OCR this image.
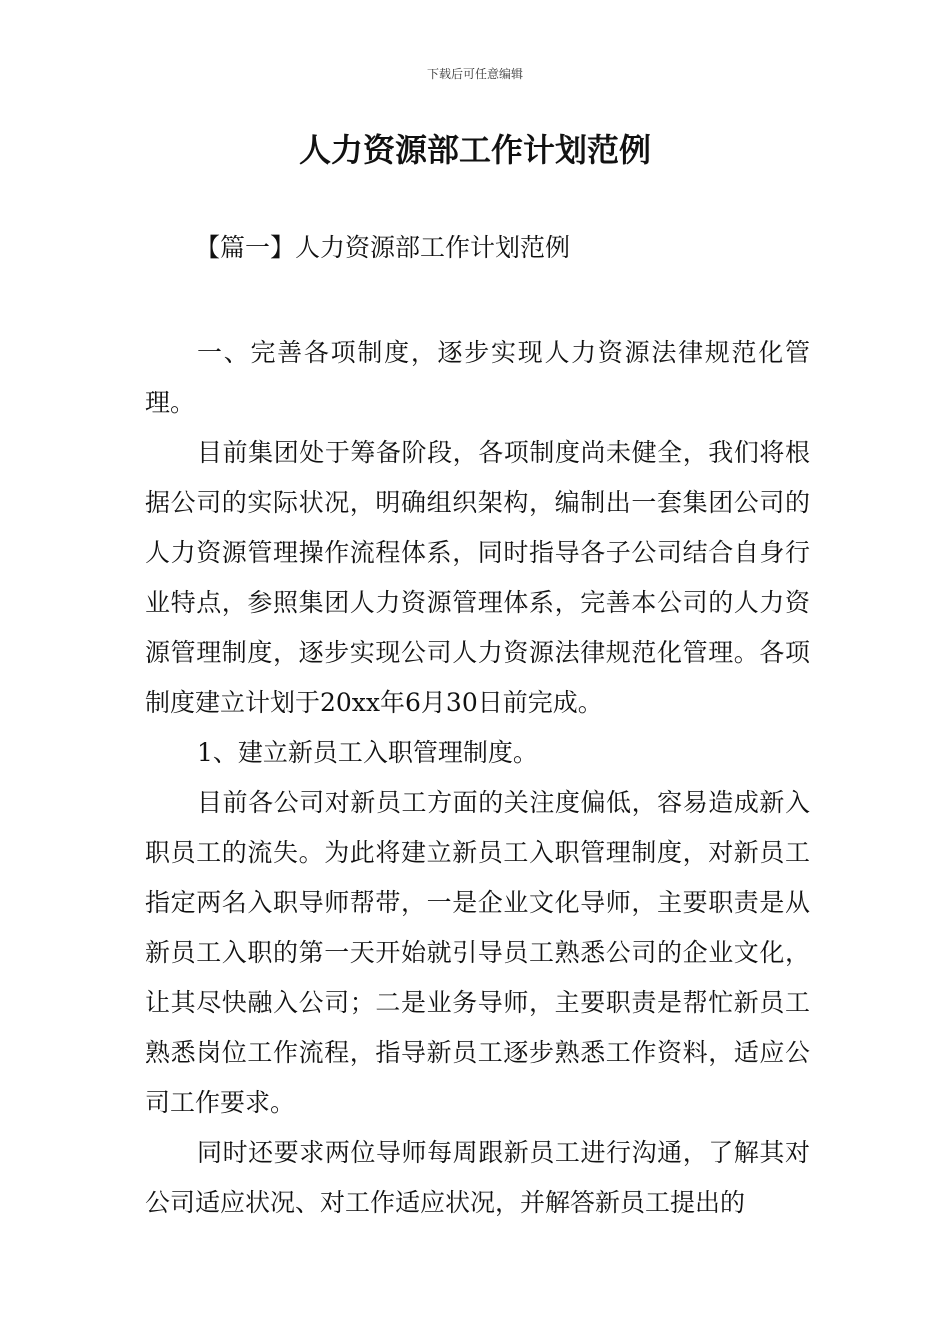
下载后可任意编辑
人力资源部工作计划范例
【篇一】人力资源部工作计划范例

一、完善各项制度，逐步实现人力资源法律规范化管理。

目前集团处于筹备阶段，各项制度尚未健全，我们将根据公司的实际状况，明确组织架构，编制出一套集团公司的人力资源管理操作流程体系，同时指导各子公司结合自身行业特点，参照集团人力资源管理体系，完善本公司的人力资源管理制度，逐步实现公司人力资源法律规范化管理。各项制度建立计划于20xx年6月30日前完成。

1、建立新员工入职管理制度。

目前各公司对新员工方面的关注度偏低，容易造成新入职员工的流失。为此将建立新员工入职管理制度，对新员工指定两名入职导师帮带，一是企业文化导师，主要职责是从新员工入职的第一天开始就引导员工熟悉公司的企业文化，让其尽快融入公司；二是业务导师，主要职责是帮忙新员工熟悉岗位工作流程，指导新员工逐步熟悉工作资料，适应公司工作要求。

同时还要求两位导师每周跟新员工进行沟通，了解其对公司适应状况、对工作适应状况，并解答新员工提出的
